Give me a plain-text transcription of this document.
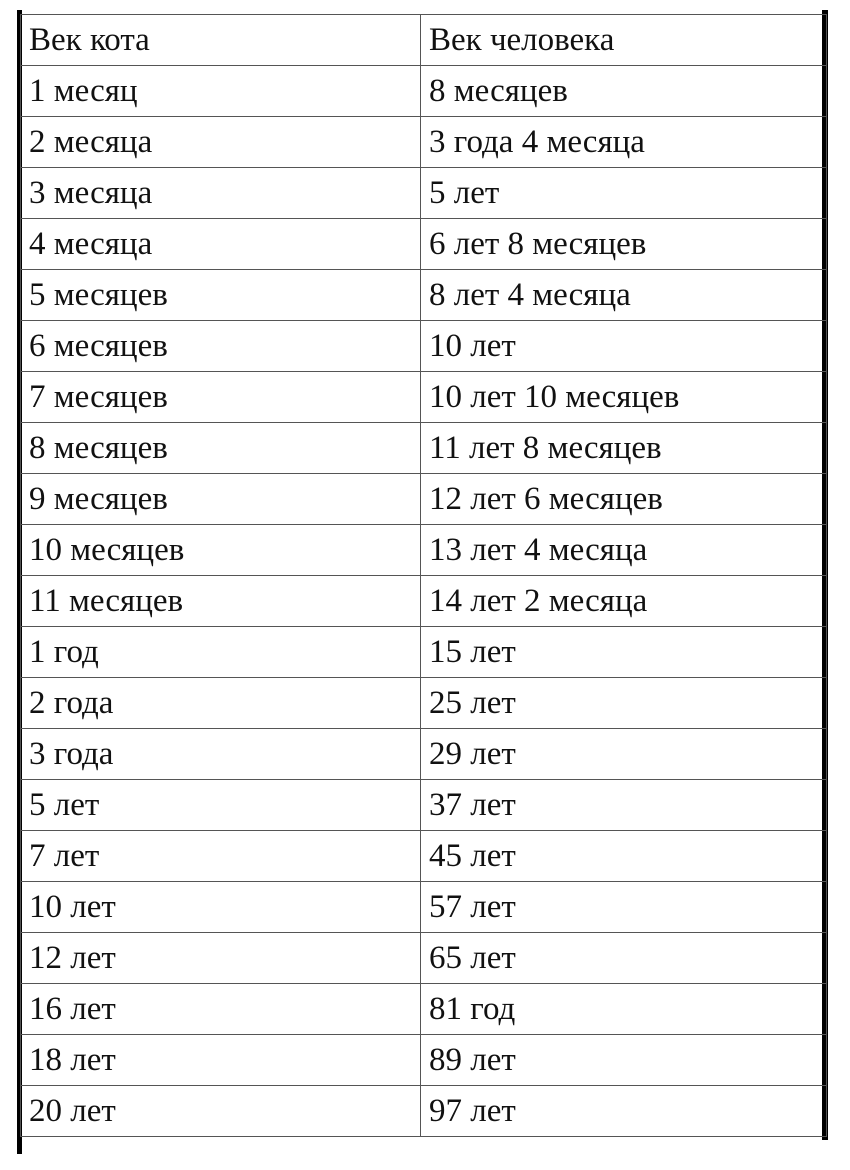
Век кота	Век человека
1 месяц	8 месяцев
2 месяца	3 года 4 месяца
3 месяца	5 лет
4 месяца	6 лет 8 месяцев
5 месяцев	8 лет 4 месяца
6 месяцев	10 лет
7 месяцев	10 лет 10 месяцев
8 месяцев	11 лет 8 месяцев
9 месяцев	12 лет 6 месяцев
10 месяцев	13 лет 4 месяца
11 месяцев	14 лет 2 месяца
1 год	15 лет
2 года	25 лет
3 года	29 лет
5 лет	37 лет
7 лет	45 лет
10 лет	57 лет
12 лет	65 лет
16 лет	81 год
18 лет	89 лет
20 лет	97 лет
